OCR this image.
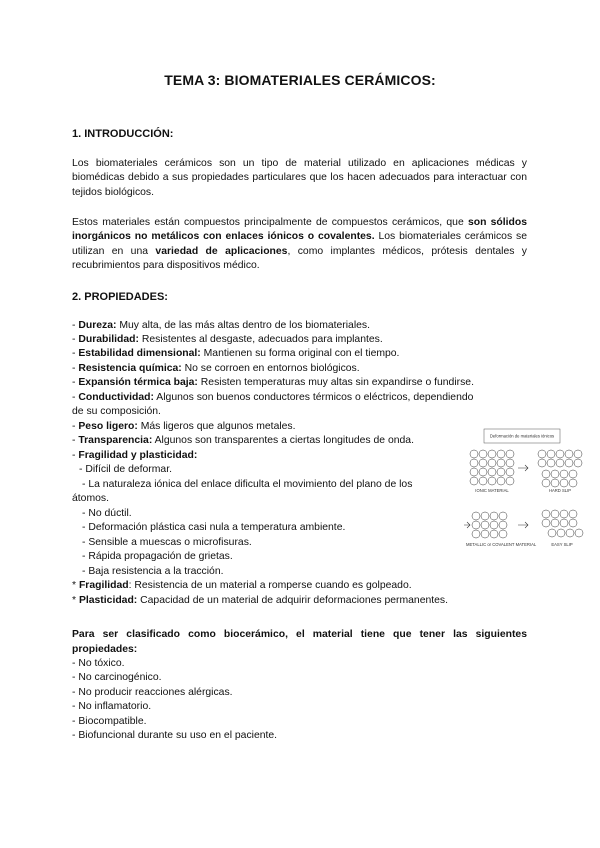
TEMA 3: BIOMATERIALES CERÁMICOS:
1. INTRODUCCIÓN:
Los biomateriales cerámicos son un tipo de material utilizado en aplicaciones médicas y biomédicas debido a sus propiedades particulares que los hacen adecuados para interactuar con tejidos biológicos.
Estos materiales están compuestos principalmente de compuestos cerámicos, que son sólidos inorgánicos no metálicos con enlaces iónicos o covalentes. Los biomateriales cerámicos se utilizan en una variedad de aplicaciones, como implantes médicos, prótesis dentales y recubrimientos para dispositivos médico.
2. PROPIEDADES:
- Dureza: Muy alta, de las más altas dentro de los biomateriales.
- Durabilidad: Resistentes al desgaste, adecuados para implantes.
- Estabilidad dimensional: Mantienen su forma original con el tiempo.
- Resistencia química: No se corroen en entornos biológicos.
- Expansión térmica baja: Resisten temperaturas muy altas sin expandirse o fundirse.
- Conductividad: Algunos son buenos conductores térmicos o eléctricos, dependiendo
de su composición.
- Peso ligero: Más ligeros que algunos metales.
- Transparencia: Algunos son transparentes a ciertas longitudes de onda.
- Fragilidad y plasticidad:
- Difícil de deformar.
- La naturaleza iónica del enlace dificulta el movimiento del plano de los
átomos.
- No dúctil.
- Deformación plástica casi nula a temperatura ambiente.
- Sensible a muescas o microfisuras.
- Rápida propagación de grietas.
- Baja resistencia a la tracción.
* Fragilidad: Resistencia de un material a romperse cuando es golpeado.
* Plasticidad: Capacidad de un material de adquirir deformaciones permanentes.
Deformación de materiales iónicos
IONIC MATERIAL	HARD SLIP
METALLIC or COVALENT MATERIAL	EASY SLIP
Para ser clasificado como biocerámico, el material tiene que tener las siguientes
propiedades:
- No tóxico.
- No carcinogénico.
- No producir reacciones alérgicas.
- No inflamatorio.
- Biocompatible.
- Biofuncional durante su uso en el paciente.
